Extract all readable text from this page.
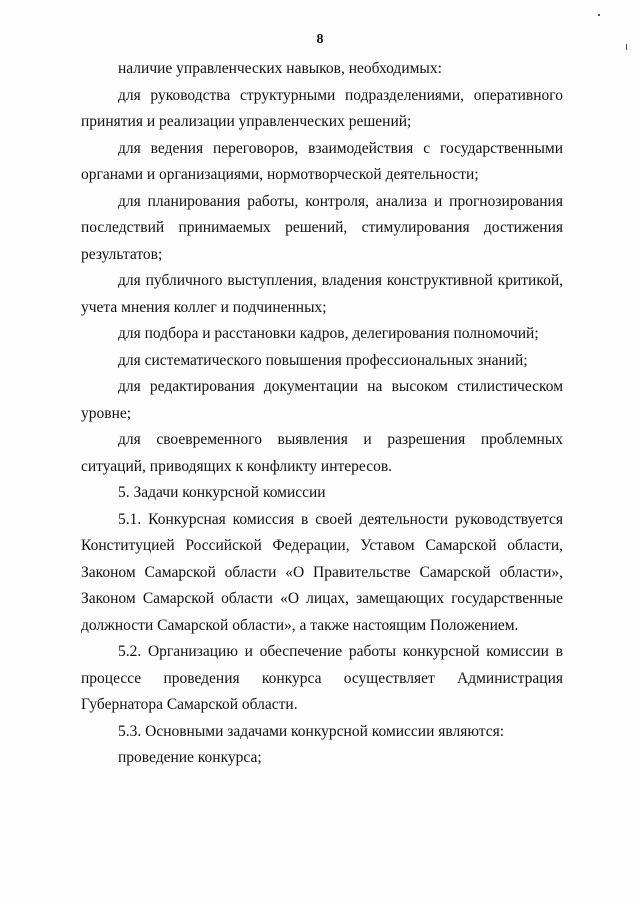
8

наличие управленческих навыков, необходимых:

для руководства структурными подразделениями, оперативного принятия и реализации управленческих решений;

для ведения переговоров, взаимодействия с государственными органами и организациями, нормотворческой деятельности;

для планирования работы, контроля, анализа и прогнозирования последствий принимаемых решений, стимулирования достижения результатов;

для публичного выступления, владения конструктивной критикой, учета мнения коллег и подчиненных;

для подбора и расстановки кадров, делегирования полномочий;

для систематического повышения профессиональных знаний;

для редактирования документации на высоком стилистическом уровне;

для своевременного выявления и разрешения проблемных ситуаций, приводящих к конфликту интересов.

5. Задачи конкурсной комиссии

5.1. Конкурсная комиссия в своей деятельности руководствуется Конституцией Российской Федерации, Уставом Самарской области, Законом Самарской области «О Правительстве Самарской области», Законом Самарской области «О лицах, замещающих государственные должности Самарской области», а также настоящим Положением.

5.2. Организацию и обеспечение работы конкурсной комиссии в процессе проведения конкурса осуществляет Администрация Губернатора Самарской области.

5.3. Основными задачами конкурсной комиссии являются:

проведение конкурса;
